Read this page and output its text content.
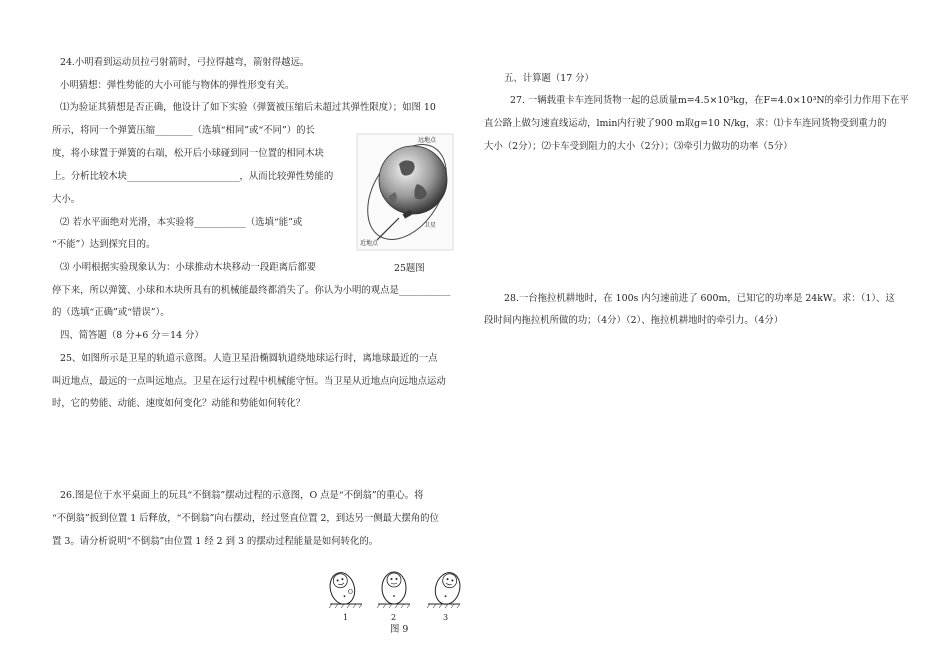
24.小明看到运动员拉弓射箭时，弓拉得越弯，箭射得越远。
小明猜想：弹性势能的大小可能与物体的弹性形变有关。
⑴为验证其猜想是否正确，他设计了如下实验（弹簧被压缩后未超过其弹性限度）；如图 10
所示，将同一个弹簧压缩________（选填“相同”或“不同”）的长
度，将小球置于弹簧的右端，松开后小球碰到同一位置的相同木块
上。分析比较木块________________________，从而比较弹性势能的
大小。
⑵ 若水平面绝对光滑，本实验将___________（选填“能”或
“不能”）达到探究目的。
⑶ 小明根据实验现象认为：小球推动木块移动一段距离后都要
停下来，所以弹簧、小球和木块所具有的机械能最终都消失了。你认为小明的观点是___________
的（选填“正确”或“错误”）。
四、简答题（8 分+6 分＝14 分）
25、如图所示是卫星的轨道示意图。人造卫星沿椭圆轨道绕地球运行时，离地球最近的一点
叫近地点，最远的一点叫远地点。卫星在运行过程中机械能守恒。当卫星从近地点向远地点运动
时，它的势能、动能、速度如何变化？动能和势能如何转化？
26.图是位于水平桌面上的玩具“不倒翁”摆动过程的示意图，O 点是“不倒翁”的重心。将
“不倒翁”扳到位置 1 后释放，“不倒翁”向右摆动，经过竖直位置 2，到达另一侧最大摆角的位
置 3。请分析说明“不倒翁”由位置 1 经 2 到 3 的摆动过程能量是如何转化的。
远地点
卫星
近地点
25题图
O
1	2	3
图 9
五、计算题（17 分）
27. 一辆载重卡车连同货物一起的总质量m=4.5×10³kg，在F=4.0×10³N的牵引力作用下在平
直公路上做匀速直线运动，lmin内行驶了900 m取g=10 N/kg，求：⑴卡车连同货物受到重力的
大小（2分）；⑵卡车受到阻力的大小（2分）；⑶牵引力做功的功率（5分）
28.一台拖拉机耕地时，在 100s 内匀速前进了 600m，已知它的功率是 24kW。求：（1）、这
段时间内拖拉机所做的功；（4分）（2）、拖拉机耕地时的牵引力。（4分）
